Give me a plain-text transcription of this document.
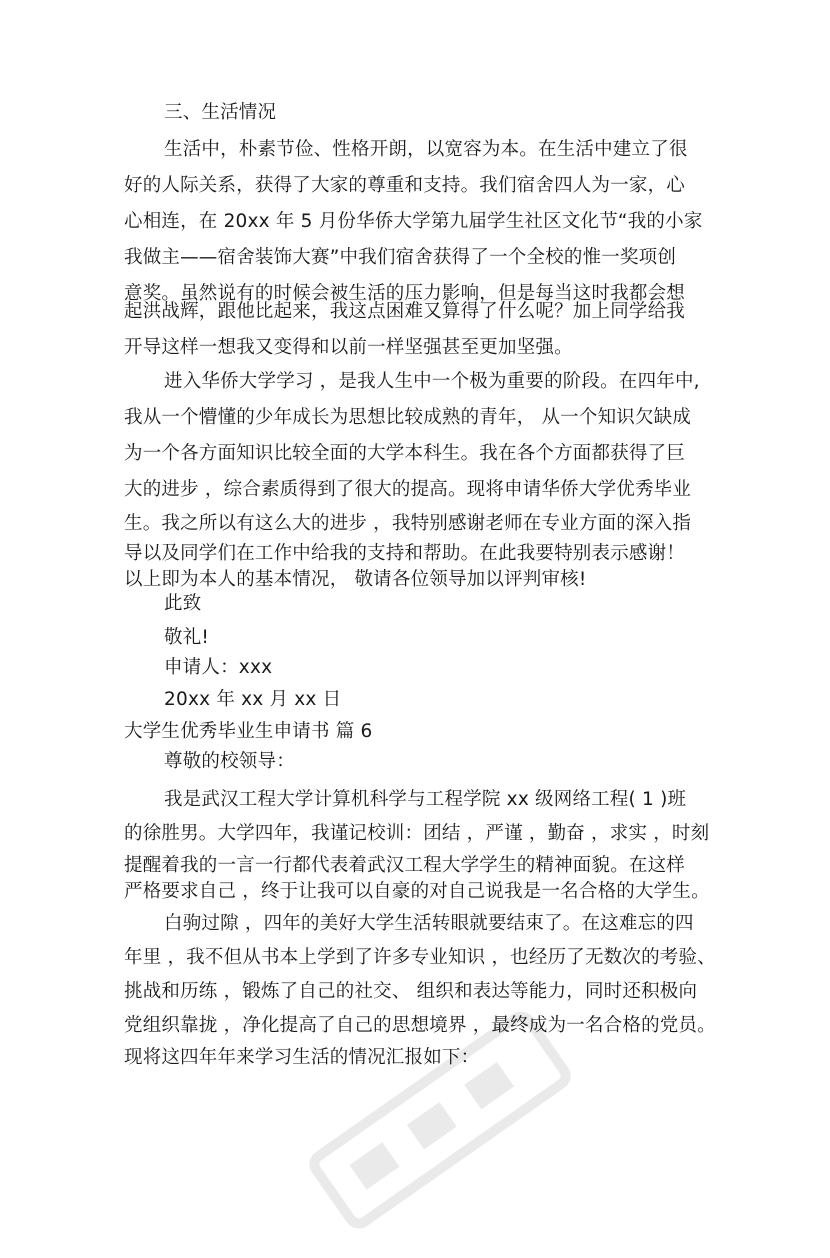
三、生活情况
生活中，朴素节俭、性格开朗，以宽容为本。在生活中建立了很
好的人际关系，获得了大家的尊重和支持。我们宿舍四人为一家，心
心相连，在 20xx 年 5 月份华侨大学第九届学生社区文化节“我的小家
我做主——宿舍装饰大赛”中我们宿舍获得了一个全校的惟一奖项创
意奖。虽然说有的时候会被生活的压力影响，但是每当这时我都会想
起洪战辉，跟他比起来，我这点困难又算得了什么呢？加上同学给我
开导这样一想我又变得和以前一样坚强甚至更加坚强。
进入华侨大学学习 ，是我人生中一个极为重要的阶段。在四年中,
我从一个懵懂的少年成长为思想比较成熟的青年， 从一个知识欠缺成
为一个各方面知识比较全面的大学本科生。我在各个方面都获得了巨
大的进步 ，综合素质得到了很大的提高。现将申请华侨大学优秀毕业
生。我之所以有这么大的进步 ，我特别感谢老师在专业方面的深入指
导以及同学们在工作中给我的支持和帮助。在此我要特别表示感谢！
以上即为本人的基本情况， 敬请各位领导加以评判审核!
此致
敬礼!
申请人：xxx
20xx 年 xx 月 xx 日
大学生优秀毕业生申请书 篇 6
尊敬的校领导：
我是武汉工程大学计算机科学与工程学院 xx 级网络工程( 1 )班
的徐胜男。大学四年，我谨记校训：团结 ，严谨 ，勤奋 ，求实 ，时刻
提醒着我的一言一行都代表着武汉工程大学学生的精神面貌。在这样
严格要求自己 ，终于让我可以自豪的对自己说我是一名合格的大学生。
白驹过隙 ，四年的美好大学生活转眼就要结束了。在这难忘的四
年里 ，我不但从书本上学到了许多专业知识 ，也经历了无数次的考验、
挑战和历练 ，锻炼了自己的社交、 组织和表达等能力，同时还积极向
党组织靠拢 ，净化提高了自己的思想境界 ，最终成为一名合格的党员。
现将这四年年来学习生活的情况汇报如下：
